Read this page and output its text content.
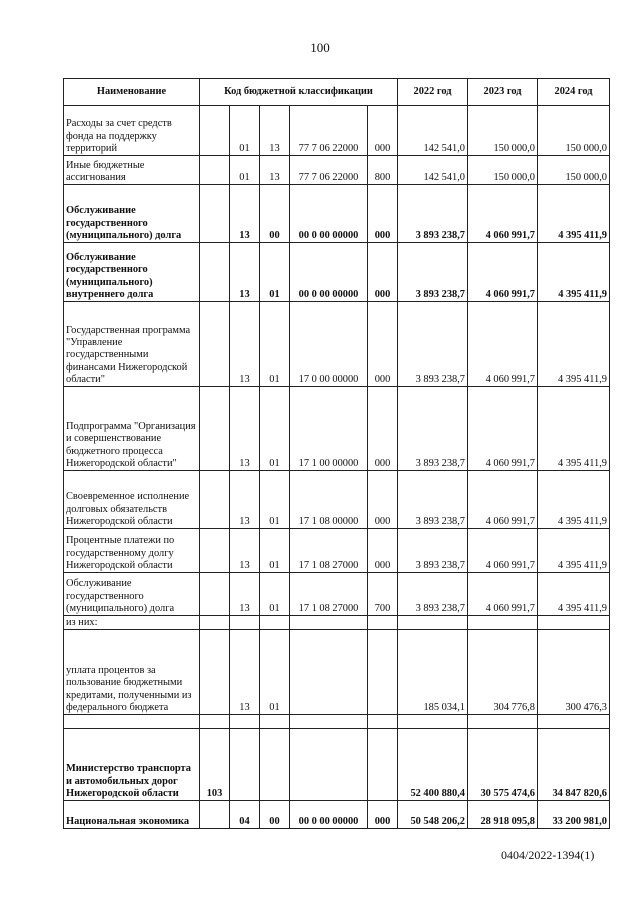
100
Наименование	Код бюджетной классификации					2022 год	2023 год	2024 год
Расходы за счет средств фонда на поддержку территорий		01	13	77 7 06 22000	000	142 541,0	150 000,0	150 000,0
Иные бюджетные ассигнования		01	13	77 7 06 22000	800	142 541,0	150 000,0	150 000,0
Обслуживание государственного (муниципального) долга		13	00	00 0 00 00000	000	3 893 238,7	4 060 991,7	4 395 411,9
Обслуживание государственного (муниципального) внутреннего долга		13	01	00 0 00 00000	000	3 893 238,7	4 060 991,7	4 395 411,9
Государственная программа "Управление государственными финансами Нижегородской области"		13	01	17 0 00 00000	000	3 893 238,7	4 060 991,7	4 395 411,9
Подпрограмма "Организация и совершенствование бюджетного процесса Нижегородской области"		13	01	17 1 00 00000	000	3 893 238,7	4 060 991,7	4 395 411,9
Своевременное исполнение долговых обязательств Нижегородской области		13	01	17 1 08 00000	000	3 893 238,7	4 060 991,7	4 395 411,9
Процентные платежи по государственному долгу Нижегородской области		13	01	17 1 08 27000	000	3 893 238,7	4 060 991,7	4 395 411,9
Обслуживание государственного (муниципального) долга		13	01	17 1 08 27000	700	3 893 238,7	4 060 991,7	4 395 411,9
из них:								
уплата процентов за пользование бюджетными кредитами, полученными из федерального бюджета		13	01			185 034,1	304 776,8	300 476,3

Министерство транспорта и автомобильных дорог Нижегородской области	103					52 400 880,4	30 575 474,6	34 847 820,6
Национальная экономика		04	00	00 0 00 00000	000	50 548 206,2	28 918 095,8	33 200 981,0
0404/2022-1394(1)
